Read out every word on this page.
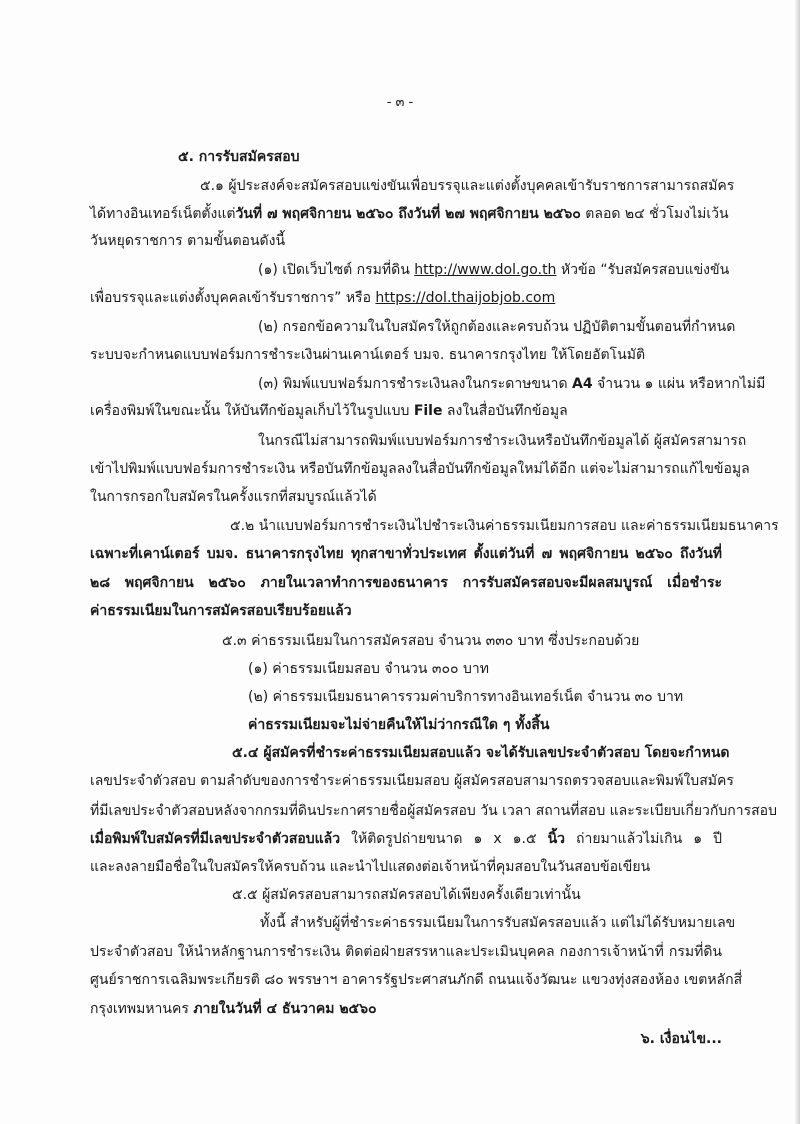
- ๓ -
๕. การรับสมัครสอบ
๕.๑ ผู้ประสงค์จะสมัครสอบแข่งขันเพื่อบรรจุและแต่งตั้งบุคคลเข้ารับราชการสามารถสมัคร
ได้ทางอินเทอร์เน็ตตั้งแต่วันที่ ๗ พฤศจิกายน ๒๕๖๐ ถึงวันที่ ๒๗ พฤศจิกายน ๒๕๖๐ ตลอด ๒๔ ชั่วโมงไม่เว้น
วันหยุดราชการ ตามขั้นตอนดังนี้
(๑) เปิดเว็บไซต์ กรมที่ดิน http://www.dol.go.th หัวข้อ “รับสมัครสอบแข่งขัน
เพื่อบรรจุและแต่งตั้งบุคคลเข้ารับราชการ” หรือ https://dol.thaijobjob.com
(๒) กรอกข้อความในใบสมัครให้ถูกต้องและครบถ้วน ปฏิบัติตามขั้นตอนที่กำหนด
ระบบจะกำหนดแบบฟอร์มการชำระเงินผ่านเคาน์เตอร์ บมจ. ธนาคารกรุงไทย ให้โดยอัตโนมัติ
(๓) พิมพ์แบบฟอร์มการชำระเงินลงในกระดาษขนาด A4 จำนวน ๑ แผ่น หรือหากไม่มี
เครื่องพิมพ์ในขณะนั้น ให้บันทึกข้อมูลเก็บไว้ในรูปแบบ File ลงในสื่อบันทึกข้อมูล
ในกรณีไม่สามารถพิมพ์แบบฟอร์มการชำระเงินหรือบันทึกข้อมูลได้ ผู้สมัครสามารถ
เข้าไปพิมพ์แบบฟอร์มการชำระเงิน หรือบันทึกข้อมูลลงในสื่อบันทึกข้อมูลใหม่ได้อีก แต่จะไม่สามารถแก้ไขข้อมูล
ในการกรอกใบสมัครในครั้งแรกที่สมบูรณ์แล้วได้
๕.๒ นำแบบฟอร์มการชำระเงินไปชำระเงินค่าธรรมเนียมการสอบ และค่าธรรมเนียมธนาคาร
เฉพาะที่เคาน์เตอร์ บมจ. ธนาคารกรุงไทย ทุกสาขาทั่วประเทศ ตั้งแต่วันที่ ๗ พฤศจิกายน ๒๕๖๐ ถึงวันที่
๒๘ พฤศจิกายน ๒๕๖๐ ภายในเวลาทำการของธนาคาร การรับสมัครสอบจะมีผลสมบูรณ์ เมื่อชำระ
ค่าธรรมเนียมในการสมัครสอบเรียบร้อยแล้ว
๕.๓ ค่าธรรมเนียมในการสมัครสอบ จำนวน ๓๓๐ บาท ซึ่งประกอบด้วย
(๑) ค่าธรรมเนียมสอบ จำนวน ๓๐๐ บาท
(๒) ค่าธรรมเนียมธนาคารรวมค่าบริการทางอินเทอร์เน็ต จำนวน ๓๐ บาท
ค่าธรรมเนียมจะไม่จ่ายคืนให้ไม่ว่ากรณีใด ๆ ทั้งสิ้น
๕.๔ ผู้สมัครที่ชำระค่าธรรมเนียมสอบแล้ว จะได้รับเลขประจำตัวสอบ โดยจะกำหนด
เลขประจำตัวสอบ ตามลำดับของการชำระค่าธรรมเนียมสอบ ผู้สมัครสอบสามารถตรวจสอบและพิมพ์ใบสมัคร
ที่มีเลขประจำตัวสอบหลังจากกรมที่ดินประกาศรายชื่อผู้สมัครสอบ วัน เวลา สถานที่สอบ และระเบียบเกี่ยวกับการสอบ
เมื่อพิมพ์ใบสมัครที่มีเลขประจำตัวสอบแล้ว ให้ติดรูปถ่ายขนาด ๑ x ๑.๕ นิ้ว ถ่ายมาแล้วไม่เกิน ๑ ปี
และลงลายมือชื่อในใบสมัครให้ครบถ้วน และนำไปแสดงต่อเจ้าหน้าที่คุมสอบในวันสอบข้อเขียน
๕.๕ ผู้สมัครสอบสามารถสมัครสอบได้เพียงครั้งเดียวเท่านั้น
ทั้งนี้ สำหรับผู้ที่ชำระค่าธรรมเนียมในการรับสมัครสอบแล้ว แต่ไม่ได้รับหมายเลข
ประจำตัวสอบ ให้นำหลักฐานการชำระเงิน ติดต่อฝ่ายสรรหาและประเมินบุคคล กองการเจ้าหน้าที่ กรมที่ดิน
ศูนย์ราชการเฉลิมพระเกียรติ ๘๐ พรรษาฯ อาคารรัฐประศาสนภักดี ถนนแจ้งวัฒนะ แขวงทุ่งสองห้อง เขตหลักสี่
กรุงเทพมหานคร ภายในวันที่ ๔ ธันวาคม ๒๕๖๐
๖. เงื่อนไข...
